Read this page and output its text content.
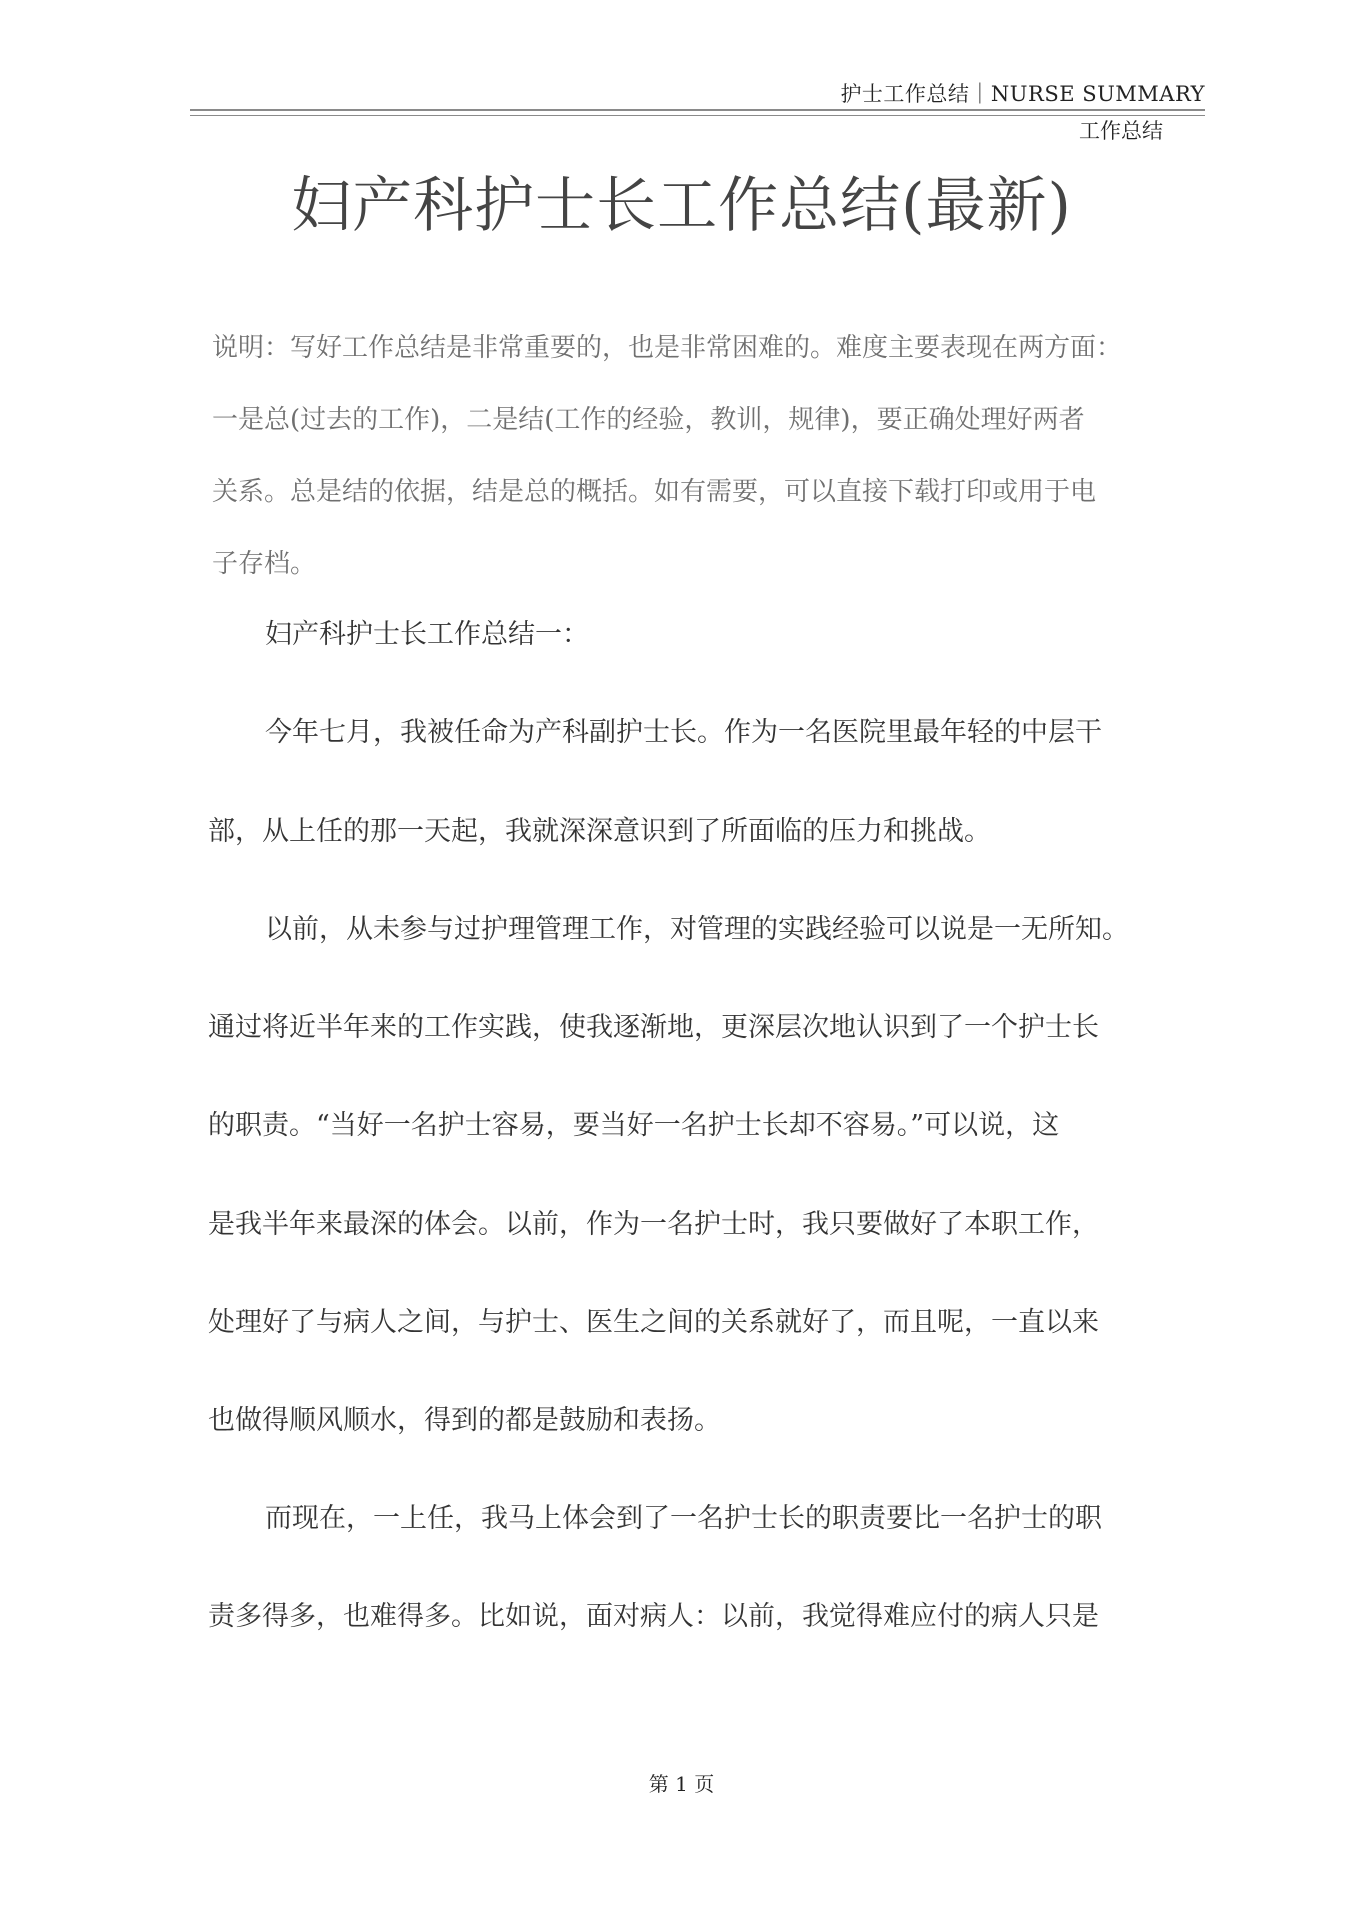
护士工作总结｜NURSE SUMMARY
工作总结
妇产科护士长工作总结(最新)
说明：写好工作总结是非常重要的，也是非常困难的。难度主要表现在两方面：
一是总(过去的工作)，二是结(工作的经验，教训，规律)，要正确处理好两者
关系。总是结的依据，结是总的概括。如有需要，可以直接下载打印或用于电
子存档。

妇产科护士长工作总结一：

今年七月，我被任命为产科副护士长。作为一名医院里最年轻的中层干

部，从上任的那一天起，我就深深意识到了所面临的压力和挑战。

以前，从未参与过护理管理工作，对管理的实践经验可以说是一无所知。

通过将近半年来的工作实践，使我逐渐地，更深层次地认识到了一个护士长

的职责。“当好一名护士容易，要当好一名护士长却不容易。”可以说，这

是我半年来最深的体会。以前，作为一名护士时，我只要做好了本职工作，

处理好了与病人之间，与护士、医生之间的关系就好了，而且呢，一直以来

也做得顺风顺水，得到的都是鼓励和表扬。

而现在，一上任，我马上体会到了一名护士长的职责要比一名护士的职

责多得多，也难得多。比如说，面对病人：以前，我觉得难应付的病人只是

第 1 页
